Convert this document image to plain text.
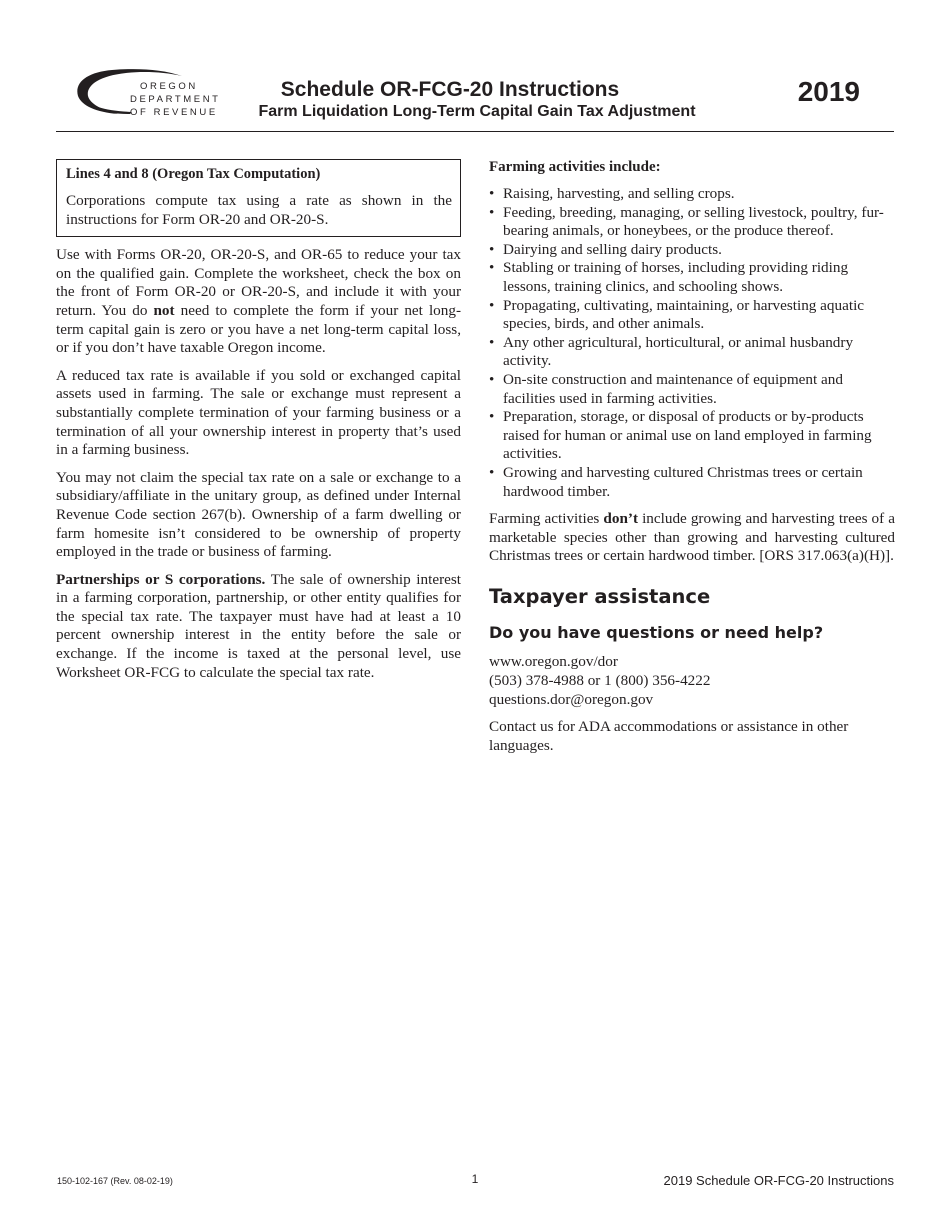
OREGON
DEPARTMENT
OF REVENUE
Schedule OR-FCG-20 Instructions
Farm Liquidation Long-Term Capital Gain Tax Adjustment
2019
Lines 4 and 8 (Oregon Tax Computation)

Corporations compute tax using a rate as shown in the instructions for Form OR-20 and OR-20-S.

Use with Forms OR-20, OR-20-S, and OR-65 to reduce your tax on the qualified gain. Complete the worksheet, check the box on the front of Form OR-20 or OR-20-S, and include it with your return. You do not need to complete the form if your net long-term capital gain is zero or you have a net long-term capital loss, or if you don’t have taxable Oregon income.

A reduced tax rate is available if you sold or exchanged capital assets used in farming. The sale or exchange must represent a substantially complete termination of your farming business or a termination of all your ownership interest in property that’s used in a farming business.

You may not claim the special tax rate on a sale or exchange to a subsidiary/affiliate in the unitary group, as defined under Internal Revenue Code section 267(b). Ownership of a farm dwelling or farm homesite isn’t considered to be ownership of property employed in the trade or business of farming.

Partnerships or S corporations. The sale of ownership interest in a farming corporation, partnership, or other entity qualifies for the special tax rate. The taxpayer must have had at least a 10 percent ownership interest in the entity before the sale or exchange. If the income is taxed at the personal level, use Worksheet OR-FCG to calculate the special tax rate.

Farming activities include:
• Raising, harvesting, and selling crops.
• Feeding, breeding, managing, or selling livestock, poultry, fur-bearing animals, or honeybees, or the produce thereof.
• Dairying and selling dairy products.
• Stabling or training of horses, including providing riding lessons, training clinics, and schooling shows.
• Propagating, cultivating, maintaining, or harvesting aquatic species, birds, and other animals.
• Any other agricultural, horticultural, or animal husbandry activity.
• On-site construction and maintenance of equipment and facilities used in farming activities.
• Preparation, storage, or disposal of products or by-products raised for human or animal use on land employed in farming activities.
• Growing and harvesting cultured Christmas trees or certain hardwood timber.

Farming activities don’t include growing and harvesting trees of a marketable species other than growing and harvesting cultured Christmas trees or certain hardwood timber. [ORS 317.063(a)(H)].

Taxpayer assistance
Do you have questions or need help?
www.oregon.gov/dor
(503) 378-4988 or 1 (800) 356-4222
questions.dor@oregon.gov

Contact us for ADA accommodations or assistance in other languages.

150-102-167 (Rev. 08-02-19)	1	2019 Schedule OR-FCG-20 Instructions
